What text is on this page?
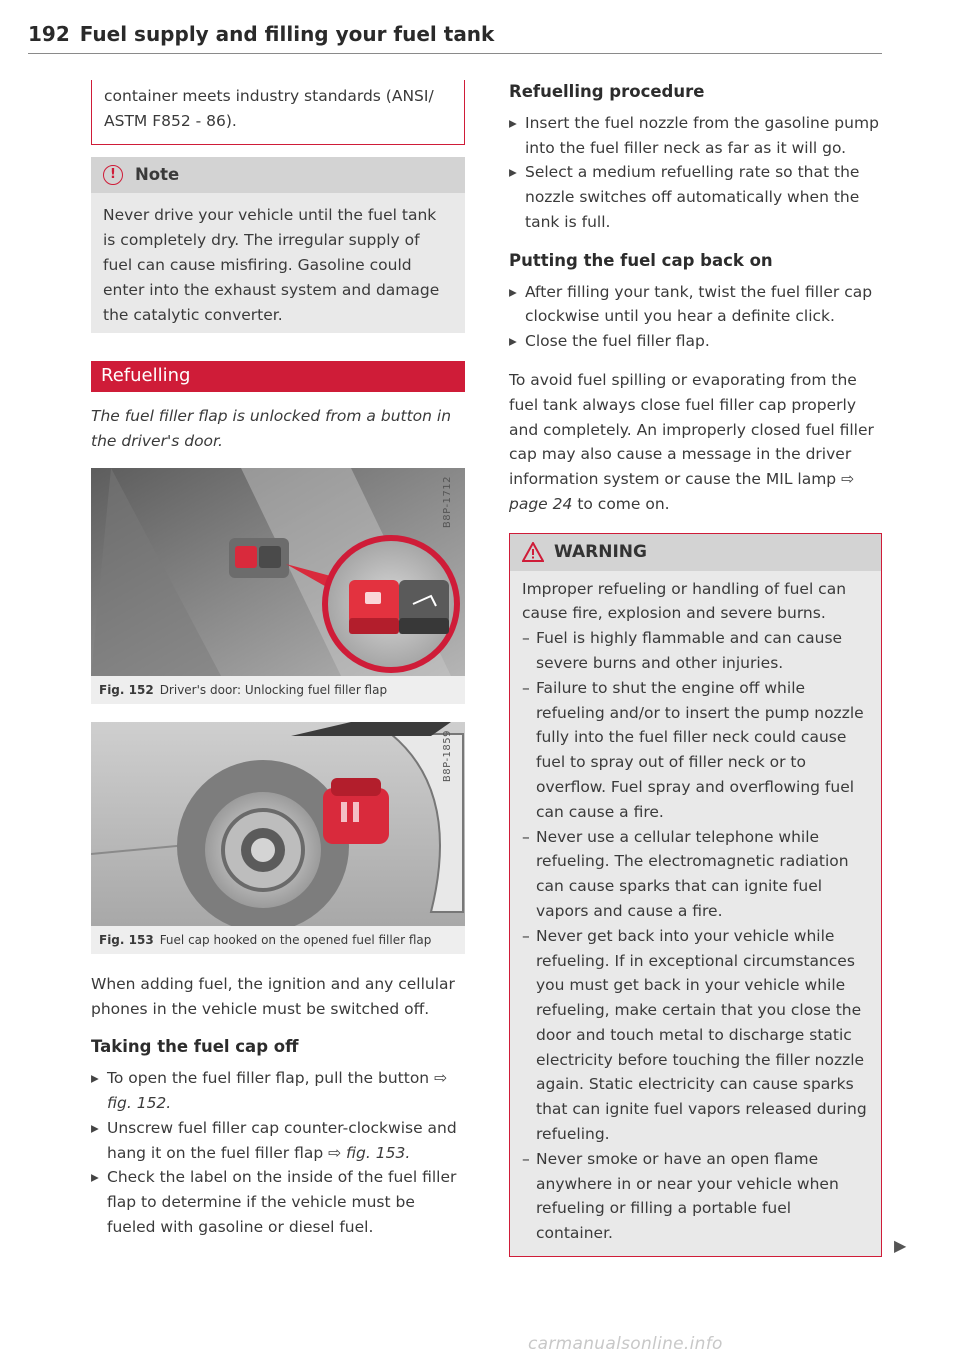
192 Fuel supply and filling your fuel tank
container meets industry standards (ANSI/ ASTM F852 - 86).
!	Note
Never drive your vehicle until the fuel tank is completely dry. The irregular supply of fuel can cause misfiring. Gasoline could enter into the exhaust system and damage the catalytic converter.
Refuelling
The fuel filler flap is unlocked from a button in the driver's door.
B8P-1712
Fig. 152 Driver's door: Unlocking fuel filler flap
B8P-1859
Fig. 153 Fuel cap hooked on the opened fuel filler flap

When adding fuel, the ignition and any cellular phones in the vehicle must be switched off.

Taking the fuel cap off
▸ To open the fuel filler flap, pull the button ⇨ fig. 152.
▸ Unscrew fuel filler cap counter-clockwise and hang it on the fuel filler flap ⇨ fig. 153.
▸ Check the label on the inside of the fuel filler flap to determine if the vehicle must be fueled with gasoline or diesel fuel.
Refuelling procedure
▸ Insert the fuel nozzle from the gasoline pump into the fuel filler neck as far as it will go.
▸ Select a medium refuelling rate so that the nozzle switches off automatically when the tank is full.
Putting the fuel cap back on
▸ After filling your tank, twist the fuel filler cap clockwise until you hear a definite click.
▸ Close the fuel filler flap.

To avoid fuel spilling or evaporating from the fuel tank always close fuel filler cap properly and completely. An improperly closed fuel filler cap may also cause a message in the driver information system or cause the MIL lamp ⇨ page 24 to come on.

WARNING
Improper refueling or handling of fuel can cause fire, explosion and severe burns.
– Fuel is highly flammable and can cause severe burns and other injuries.
– Failure to shut the engine off while refueling and/or to insert the pump nozzle fully into the fuel filler neck could cause fuel to spray out of filler neck or to overflow. Fuel spray and overflowing fuel can cause a fire.
– Never use a cellular telephone while refueling. The electromagnetic radiation can cause sparks that can ignite fuel vapors and cause a fire.
– Never get back into your vehicle while refueling. If in exceptional circumstances you must get back in your vehicle while refueling, make certain that you close the door and touch metal to discharge static electricity before touching the filler nozzle again. Static electricity can cause sparks that can ignite fuel vapors released during refueling.
– Never smoke or have an open flame anywhere in or near your vehicle when refueling or filling a portable fuel container.
▶
carmanualsonline.info
